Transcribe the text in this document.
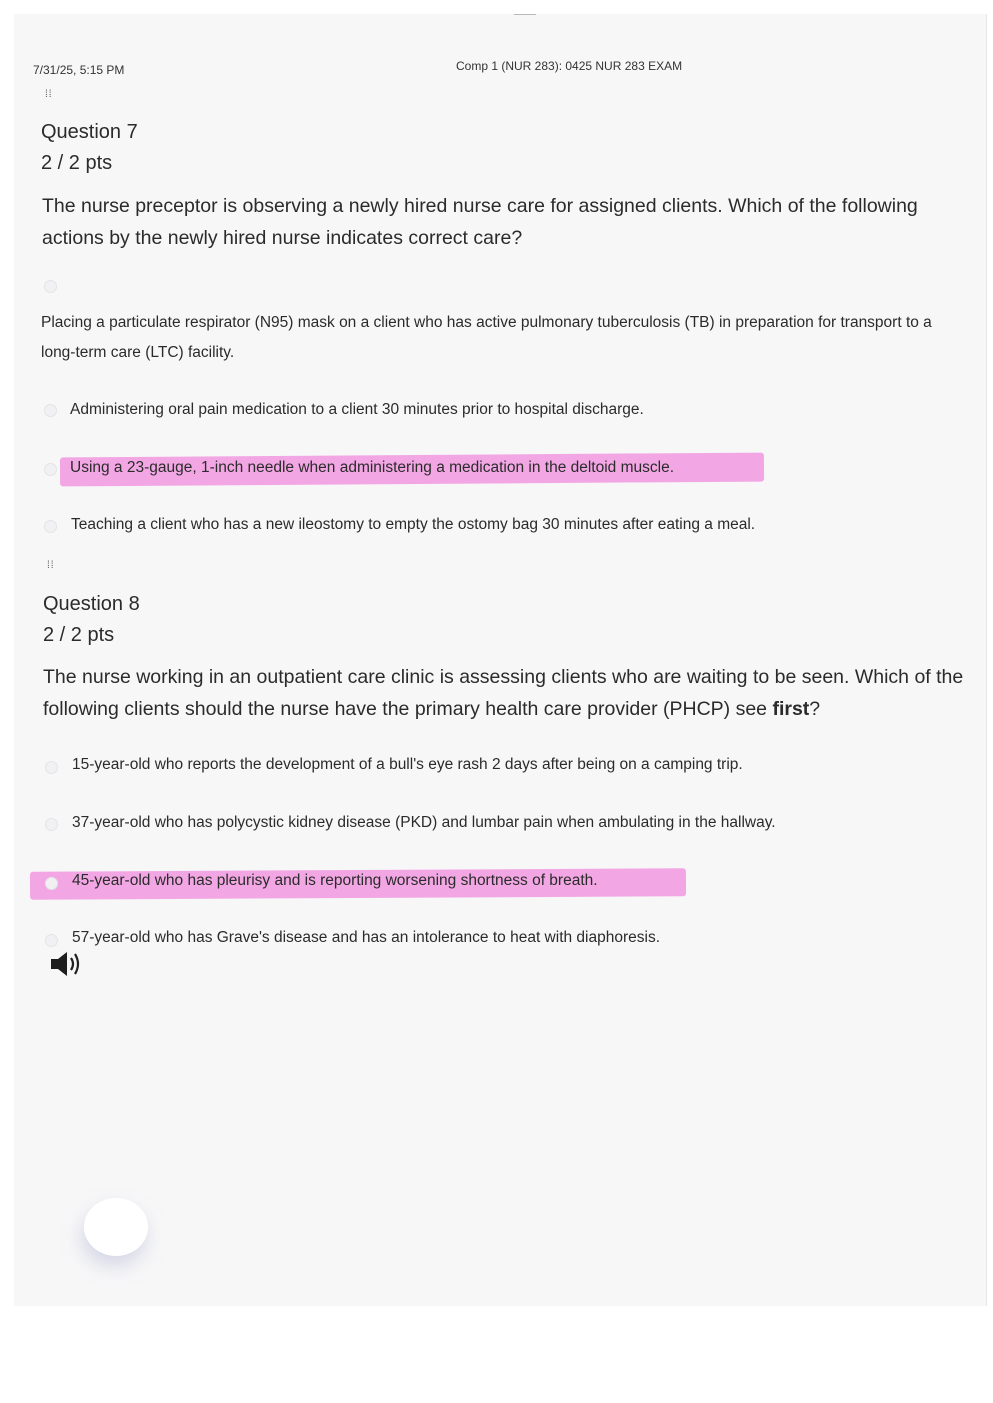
7/31/25, 5:15 PM	Comp 1 (NUR 283): 0425 NUR 283 EXAM
⁞⁞
Question 7
2 / 2 pts
The nurse preceptor is observing a newly hired nurse care for assigned clients. Which of the following actions by the newly hired nurse indicates correct care?
Placing a particulate respirator (N95) mask on a client who has active pulmonary tuberculosis (TB) in preparation for transport to a long-term care (LTC) facility.
Administering oral pain medication to a client 30 minutes prior to hospital discharge.
Using a 23-gauge, 1-inch needle when administering a medication in the deltoid muscle.
Teaching a client who has a new ileostomy to empty the ostomy bag 30 minutes after eating a meal.
⁞⁞
Question 8
2 / 2 pts
The nurse working in an outpatient care clinic is assessing clients who are waiting to be seen. Which of the following clients should the nurse have the primary health care provider (PHCP) see first?
15-year-old who reports the development of a bull's eye rash 2 days after being on a camping trip.
37-year-old who has polycystic kidney disease (PKD) and lumbar pain when ambulating in the hallway.
45-year-old who has pleurisy and is reporting worsening shortness of breath.
57-year-old who has Grave's disease and has an intolerance to heat with diaphoresis.
